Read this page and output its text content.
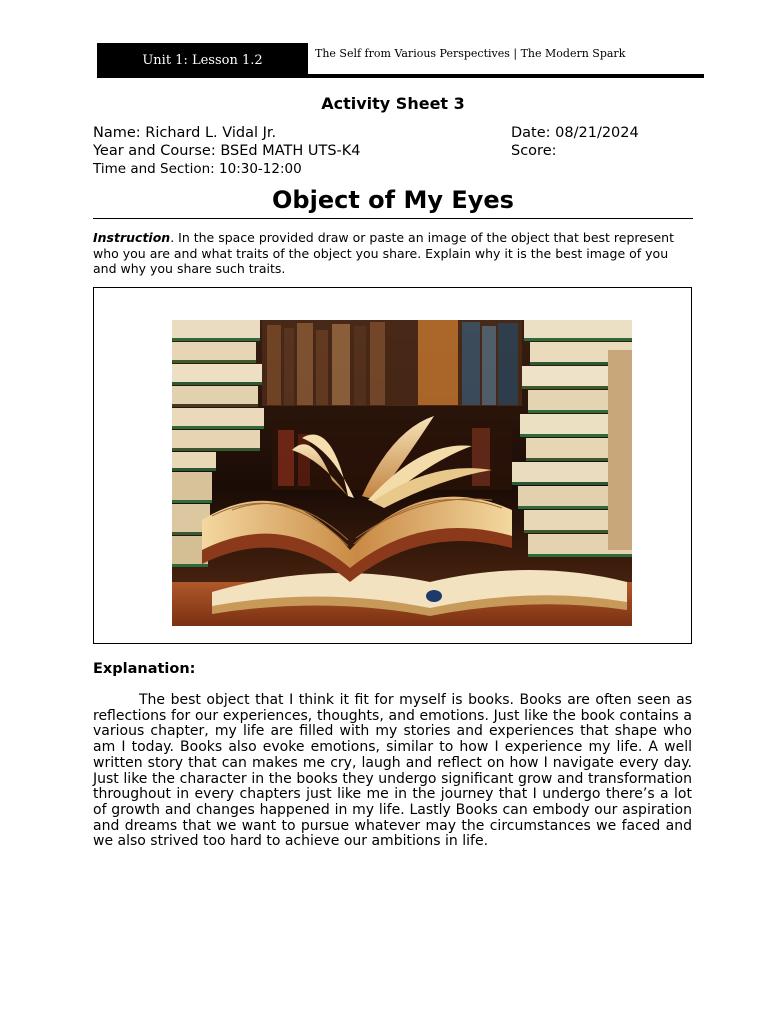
Unit 1: Lesson 1.2	The Self from Various Perspectives | The Modern Spark
Activity Sheet 3
Name: Richard L. Vidal Jr.
Year and Course: BSEd MATH UTS-K4
Time and Section: 10:30-12:00
Date: 08/21/2024
Score:
Object of My Eyes
Instruction. In the space provided draw or paste an image of the object that best represent who you are and what traits of the object you share. Explain why it is the best image of you and why you share such traits.
Explanation:
The best object that I think it fit for myself is books. Books are often seen as reflections for our experiences, thoughts, and emotions. Just like the book contains a various chapter, my life are filled with my stories and experiences that shape who am I today. Books also evoke emotions, similar to how I experience my life. A well written story that can makes me cry, laugh and reflect on how I navigate every day. Just like the character in the books they undergo significant grow and transformation throughout in every chapters just like me in the journey that I undergo there’s a lot of growth and changes happened in my life. Lastly Books can embody our aspiration and dreams that we want to pursue whatever may the circumstances we faced and we also strived too hard to achieve our ambitions in life.
